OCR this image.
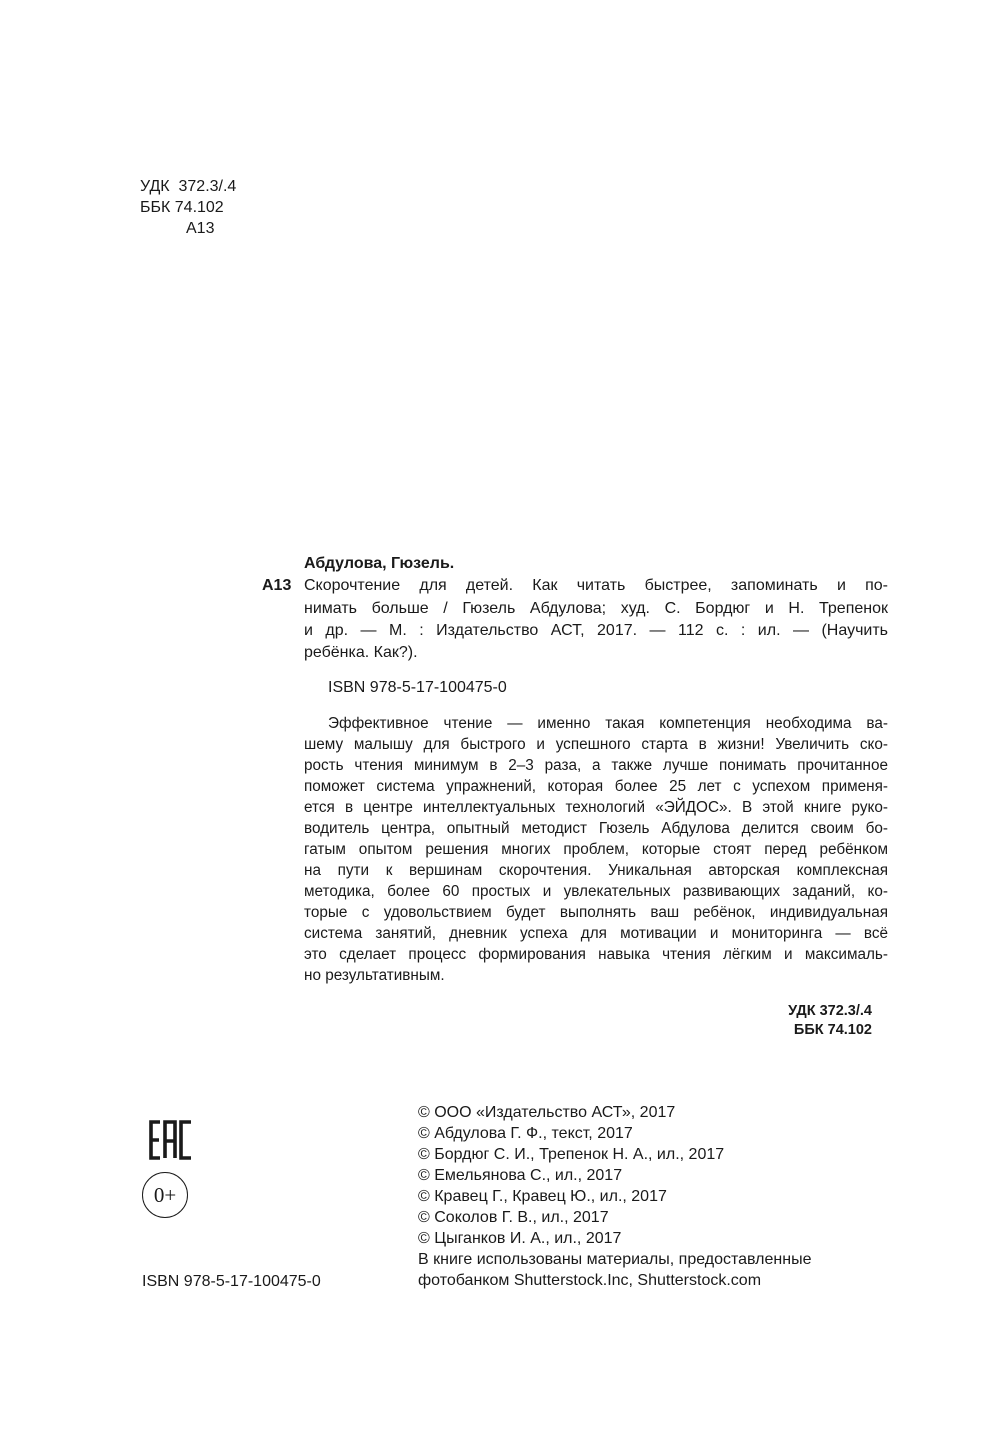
УДК  372.3/.4
ББК 74.102
А13
Абдулова, Гюзель.
А13 Скорочтение для детей. Как читать быстрее, запоминать и по-
нимать больше / Гюзель Абдулова; худ. С. Бордюг и Н. Трепенок
и др. — М. : Издательство АСТ, 2017. — 112 с. : ил. — (Научить
ребёнка. Как?).
ISBN 978-5-17-100475-0
Эффективное чтение — именно такая компетенция необходима ва-
шему малышу для быстрого и успешного старта в жизни! Увеличить ско-
рость чтения минимум в 2–3 раза, а также лучше понимать прочитанное
поможет система упражнений, которая более 25 лет с успехом применя-
ется в центре интеллектуальных технологий «ЭЙДОС». В этой книге руко-
водитель центра, опытный методист Гюзель Абдулова делится своим бо-
гатым опытом решения многих проблем, которые стоят перед ребёнком
на пути к вершинам скорочтения. Уникальная авторская комплексная
методика, более 60 простых и увлекательных развивающих заданий, ко-
торые с удовольствием будет выполнять ваш ребёнок, индивидуальная
система занятий, дневник успеха для мотивации и мониторинга — всё
это сделает процесс формирования навыка чтения лёгким и максималь-
но результативным.
УДК 372.3/.4
ББК 74.102
0+
ISBN 978-5-17-100475-0
© ООО «Издательство АСТ», 2017
© Абдулова Г. Ф., текст, 2017
© Бордюг С. И., Трепенок Н. А., ил., 2017
© Емельянова С., ил., 2017
© Кравец Г., Кравец Ю., ил., 2017
© Соколов Г. В., ил., 2017
© Цыганков И. А., ил., 2017
В книге использованы материалы, предоставленные
фотобанком Shutterstock.Inc, Shutterstock.com
